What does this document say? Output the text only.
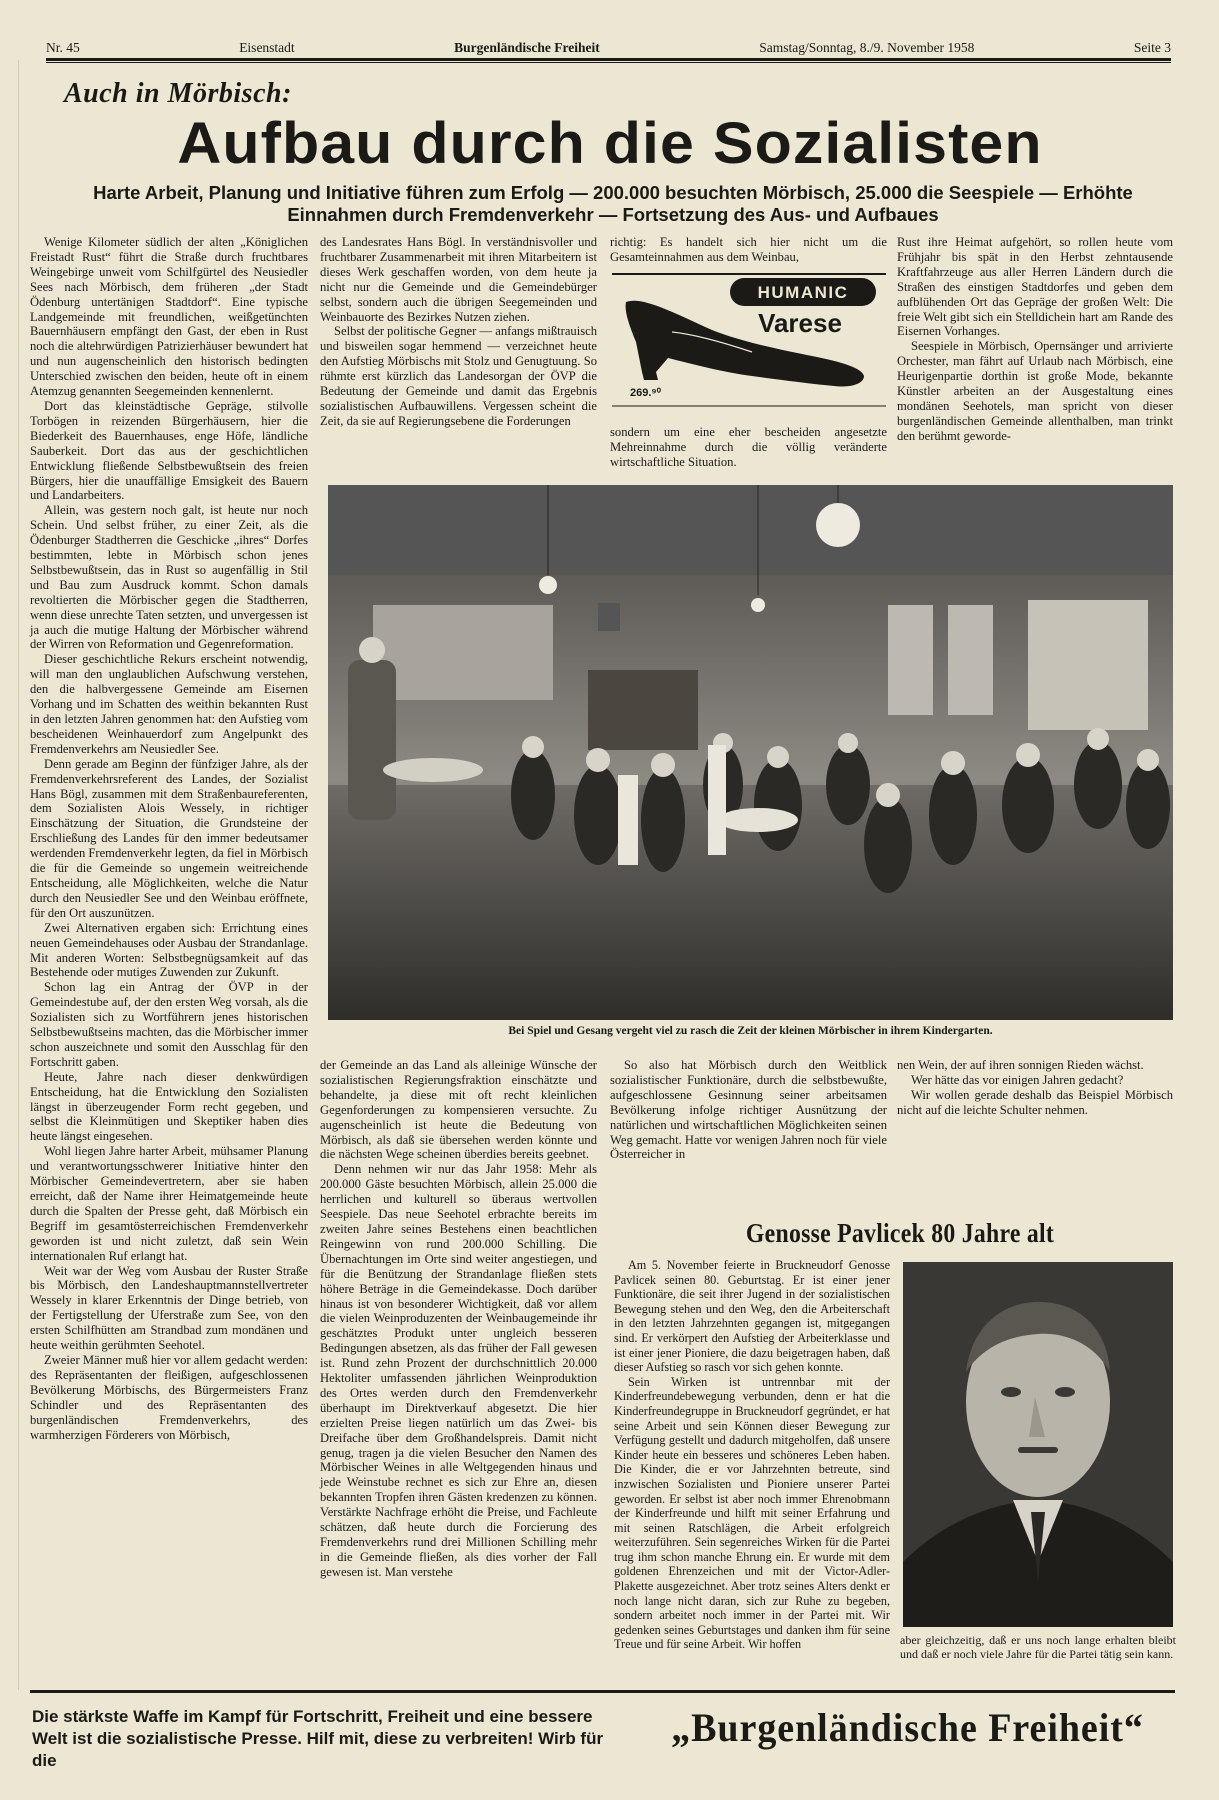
Nr. 45	Eisenstadt	Burgenländische Freiheit	Samstag/Sonntag, 8./9. November 1958	Seite 3
Auch in Mörbisch:
Aufbau durch die Sozialisten
Harte Arbeit, Planung und Initiative führen zum Erfolg — 200.000 besuchten Mörbisch, 25.000 die Seespiele — Erhöhte Einnahmen durch Fremdenverkehr — Fortsetzung des Aus- und Aufbaues

Wenige Kilometer südlich der alten „Königlichen Freistadt Rust“ führt die Straße durch fruchtbares Weingebirge unweit vom Schilfgürtel des Neusiedler Sees nach Mörbisch, dem früheren „der Stadt Ödenburg untertänigen Stadtdorf“. Eine typische Landgemeinde mit freundlichen, weißgetünchten Bauernhäusern empfängt den Gast, der eben in Rust noch die altehrwürdigen Patrizierhäuser bewundert hat und nun augenscheinlich den historisch bedingten Unterschied zwischen den beiden, heute oft in einem Atemzug genannten Seegemeinden kennenlernt.

Dort das kleinstädtische Gepräge, stilvolle Torbögen in reizenden Bürgerhäusern, hier die Biederkeit des Bauernhauses, enge Höfe, ländliche Sauberkeit. Dort das aus der geschichtlichen Entwicklung fließende Selbstbewußtsein des freien Bürgers, hier die unauffällige Emsigkeit des Bauern und Landarbeiters.

Allein, was gestern noch galt, ist heute nur noch Schein. Und selbst früher, zu einer Zeit, als die Ödenburger Stadtherren die Geschicke „ihres“ Dorfes bestimmten, lebte in Mörbisch schon jenes Selbstbewußtsein, das in Rust so augenfällig in Stil und Bau zum Ausdruck kommt. Schon damals revoltierten die Mörbischer gegen die Stadtherren, wenn diese unrechte Taten setzten, und unvergessen ist ja auch die mutige Haltung der Mörbischer während der Wirren von Reformation und Gegenreformation.

Dieser geschichtliche Rekurs erscheint notwendig, will man den unglaublichen Aufschwung verstehen, den die halbvergessene Gemeinde am Eisernen Vorhang und im Schatten des weithin bekannten Rust in den letzten Jahren genommen hat: den Aufstieg vom bescheidenen Weinhauerdorf zum Angelpunkt des Fremdenverkehrs am Neusiedler See.

Denn gerade am Beginn der fünfziger Jahre, als der Fremdenverkehrsreferent des Landes, der Sozialist Hans Bögl, zusammen mit dem Straßenbaureferenten, dem Sozialisten Alois Wessely, in richtiger Einschätzung der Situation, die Grundsteine der Erschließung des Landes für den immer bedeutsamer werdenden Fremdenverkehr legten, da fiel in Mörbisch die für die Gemeinde so ungemein weitreichende Entscheidung, alle Möglichkeiten, welche die Natur durch den Neusiedler See und den Weinbau eröffnete, für den Ort auszunützen.

Zwei Alternativen ergaben sich: Errichtung eines neuen Gemeindehauses oder Ausbau der Strandanlage. Mit anderen Worten: Selbstbegnügsamkeit auf das Bestehende oder mutiges Zuwenden zur Zukunft.

Schon lag ein Antrag der ÖVP in der Gemeindestube auf, der den ersten Weg vorsah, als die Sozialisten sich zu Wortführern jenes historischen Selbstbewußtseins machten, das die Mörbischer immer schon auszeichnete und somit den Ausschlag für den Fortschritt gaben.

Heute, Jahre nach dieser denkwürdigen Entscheidung, hat die Entwicklung den Sozialisten längst in überzeugender Form recht gegeben, und selbst die Kleinmütigen und Skeptiker haben dies heute längst eingesehen.

Wohl liegen Jahre harter Arbeit, mühsamer Planung und verantwortungsschwerer Initiative hinter den Mörbischer Gemeindevertretern, aber sie haben erreicht, daß der Name ihrer Heimatgemeinde heute durch die Spalten der Presse geht, daß Mörbisch ein Begriff im gesamtösterreichischen Fremdenverkehr geworden ist und nicht zuletzt, daß sein Wein internationalen Ruf erlangt hat.

Weit war der Weg vom Ausbau der Ruster Straße bis Mörbisch, den Landeshauptmannstellvertreter Wessely in klarer Erkenntnis der Dinge betrieb, von der Fertigstellung der Uferstraße zum See, von den ersten Schilfhütten am Strandbad zum mondänen und heute weithin gerühmten Seehotel.

Zweier Männer muß hier vor allem gedacht werden: des Repräsentanten der fleißigen, aufgeschlossenen Bevölkerung Mörbischs, des Bürgermeisters Franz Schindler und des Repräsentanten des burgenländischen Fremdenverkehrs, des warmherzigen Förderers von Mörbisch,

des Landesrates Hans Bögl. In verständnisvoller und fruchtbarer Zusammenarbeit mit ihren Mitarbeitern ist dieses Werk geschaffen worden, von dem heute ja nicht nur die Gemeinde und die Gemeindebürger selbst, sondern auch die übrigen Seegemeinden und Weinbauorte des Bezirkes Nutzen ziehen.

Selbst der politische Gegner — anfangs mißtrauisch und bisweilen sogar hemmend — verzeichnet heute den Aufstieg Mörbischs mit Stolz und Genugtuung. So rühmte erst kürzlich das Landesorgan der ÖVP die Bedeutung der Gemeinde und damit das Ergebnis sozialistischen Aufbauwillens. Vergessen scheint die Zeit, da sie auf Regierungsebene die Forderungen

richtig: Es handelt sich hier nicht um die Gesamteinnahmen aus dem Weinbau,

HUMANIC
Varese
269.⁹⁰

sondern um eine eher bescheiden angesetzte Mehreinnahme durch die völlig veränderte wirtschaftliche Situation.

Rust ihre Heimat aufgehört, so rollen heute vom Frühjahr bis spät in den Herbst zehntausende Kraftfahrzeuge aus aller Herren Ländern durch die Straßen des einstigen Stadtdorfes und geben dem aufblühenden Ort das Gepräge der großen Welt: Die freie Welt gibt sich ein Stelldichein hart am Rande des Eisernen Vorhanges.

Seespiele in Mörbisch, Opernsänger und arrivierte Orchester, man fährt auf Urlaub nach Mörbisch, eine Heurigenpartie dorthin ist große Mode, bekannte Künstler arbeiten an der Ausgestaltung eines mondänen Seehotels, man spricht von dieser burgenländischen Gemeinde allenthalben, man trinkt den berühmt geworde-

Bei Spiel und Gesang vergeht viel zu rasch die Zeit der kleinen Mörbischer in ihrem Kindergarten.

der Gemeinde an das Land als alleinige Wünsche der sozialistischen Regierungsfraktion einschätzte und behandelte, ja diese mit oft recht kleinlichen Gegenforderungen zu kompensieren versuchte. Zu augenscheinlich ist heute die Bedeutung von Mörbisch, als daß sie übersehen werden könnte und die nächsten Wege scheinen überdies bereits geebnet.

Denn nehmen wir nur das Jahr 1958: Mehr als 200.000 Gäste besuchten Mörbisch, allein 25.000 die herrlichen und kulturell so überaus wertvollen Seespiele. Das neue Seehotel erbrachte bereits im zweiten Jahre seines Bestehens einen beachtlichen Reingewinn von rund 200.000 Schilling. Die Übernachtungen im Orte sind weiter angestiegen, und für die Benützung der Strandanlage fließen stets höhere Beträge in die Gemeindekasse. Doch darüber hinaus ist von besonderer Wichtigkeit, daß vor allem die vielen Weinproduzenten der Weinbaugemeinde ihr geschätztes Produkt unter ungleich besseren Bedingungen absetzen, als das früher der Fall gewesen ist. Rund zehn Prozent der durchschnittlich 20.000 Hektoliter umfassenden jährlichen Weinproduktion des Ortes werden durch den Fremdenverkehr überhaupt im Direktverkauf abgesetzt. Die hier erzielten Preise liegen natürlich um das Zwei- bis Dreifache über dem Großhandelspreis. Damit nicht genug, tragen ja die vielen Besucher den Namen des Mörbischer Weines in alle Weltgegenden hinaus und jede Weinstube rechnet es sich zur Ehre an, diesen bekannten Tropfen ihren Gästen kredenzen zu können. Verstärkte Nachfrage erhöht die Preise, und Fachleute schätzen, daß heute durch die Forcierung des Fremdenverkehrs rund drei Millionen Schilling mehr in die Gemeinde fließen, als dies vorher der Fall gewesen ist. Man verstehe

So also hat Mörbisch durch den Weitblick sozialistischer Funktionäre, durch die selbstbewußte, aufgeschlossene Gesinnung seiner arbeitsamen Bevölkerung infolge richtiger Ausnützung der natürlichen und wirtschaftlichen Möglichkeiten seinen Weg gemacht. Hatte vor wenigen Jahren noch für viele Österreicher in

nen Wein, der auf ihren sonnigen Rieden wächst.

Wer hätte das vor einigen Jahren gedacht?

Wir wollen gerade deshalb das Beispiel Mörbisch nicht auf die leichte Schulter nehmen.

Genosse Pavlicek 80 Jahre alt

Am 5. November feierte in Bruckneudorf Genosse Pavlicek seinen 80. Geburtstag. Er ist einer jener Funktionäre, die seit ihrer Jugend in der sozialistischen Bewegung stehen und den Weg, den die Arbeiterschaft in den letzten Jahrzehnten gegangen ist, mitgegangen sind. Er verkörpert den Aufstieg der Arbeiterklasse und ist einer jener Pioniere, die dazu beigetragen haben, daß dieser Aufstieg so rasch vor sich gehen konnte.

Sein Wirken ist untrennbar mit der Kinderfreundebewegung verbunden, denn er hat die Kinderfreundegruppe in Bruckneudorf gegründet, er hat seine Arbeit und sein Können dieser Bewegung zur Verfügung gestellt und dadurch mitgeholfen, daß unsere Kinder heute ein besseres und schöneres Leben haben. Die Kinder, die er vor Jahrzehnten betreute, sind inzwischen Sozialisten und Pioniere unserer Partei geworden. Er selbst ist aber noch immer Ehrenobmann der Kinderfreunde und hilft mit seiner Erfahrung und mit seinen Ratschlägen, die Arbeit erfolgreich weiterzuführen. Sein segenreiches Wirken für die Partei trug ihm schon manche Ehrung ein. Er wurde mit dem goldenen Ehrenzeichen und mit der Victor-Adler-Plakette ausgezeichnet. Aber trotz seines Alters denkt er noch lange nicht daran, sich zur Ruhe zu begeben, sondern arbeitet noch immer in der Partei mit. Wir gedenken seines Geburtstages und danken ihm für seine Treue und für seine Arbeit. Wir hoffen	aber gleichzeitig, daß er uns noch lange erhalten bleibt und daß er noch viele Jahre für die Partei tätig sein kann.
Die stärkste Waffe im Kampf für Fortschritt, Freiheit und eine bessere
Welt ist die sozialistische Presse. Hilf mit, diese zu verbreiten! Wirb für die
„Burgenländische Freiheit“
